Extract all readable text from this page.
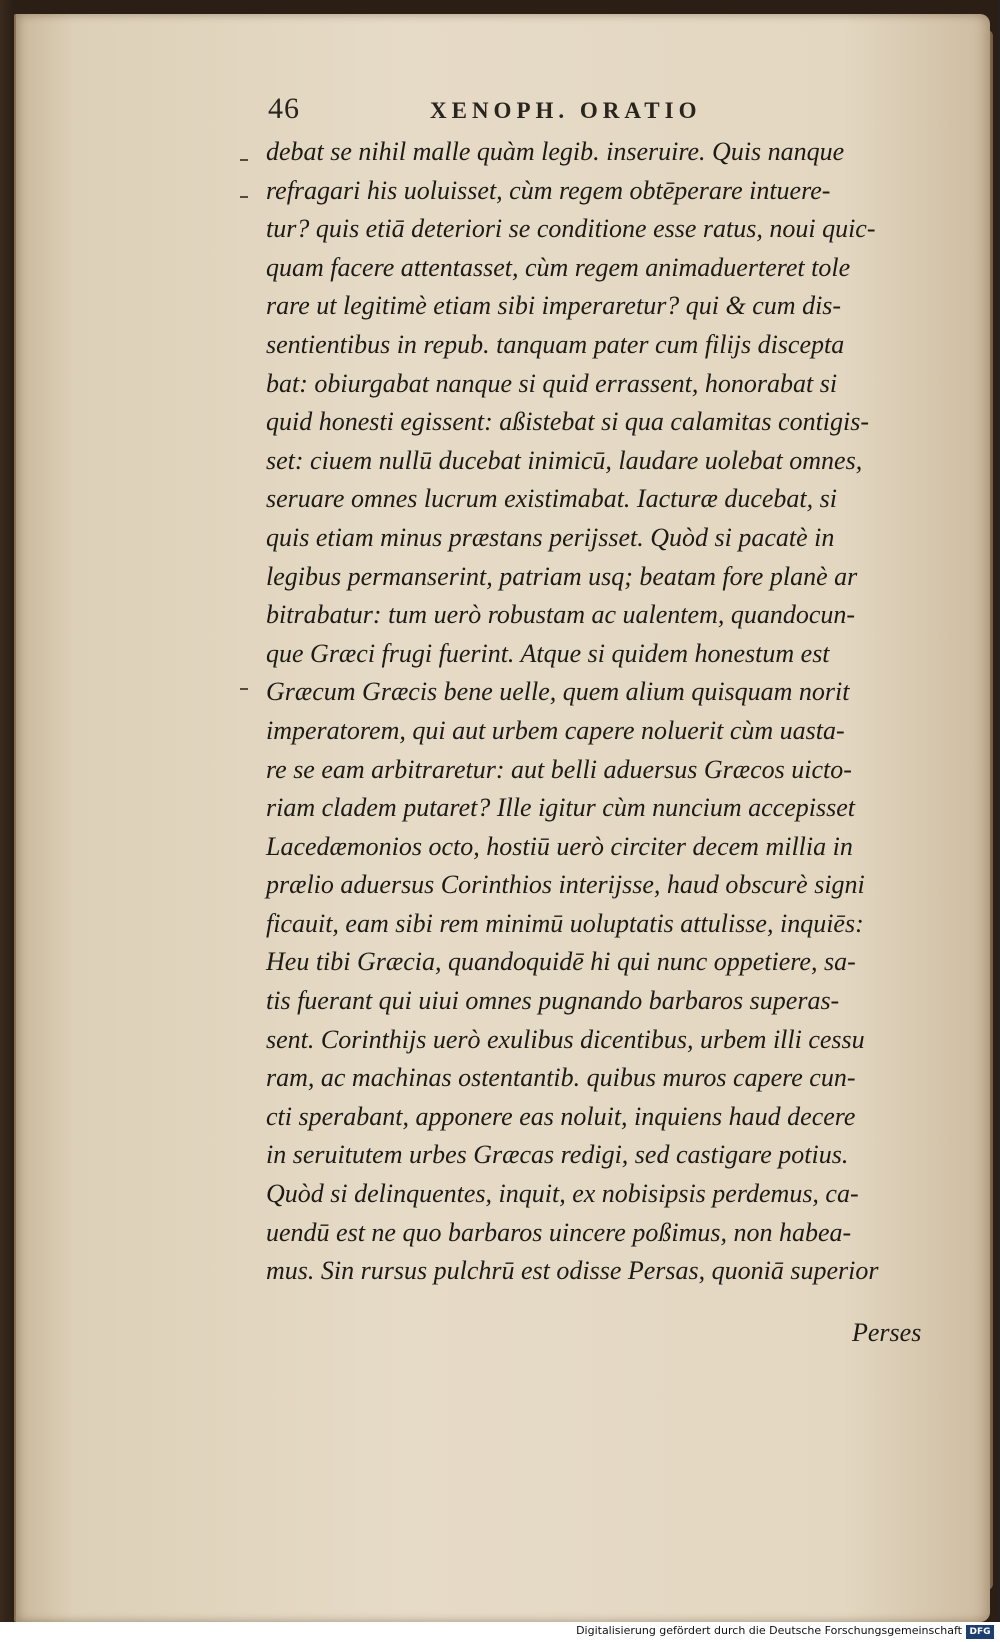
46	XENOPH. ORATIO
debat se nihil malle quàm legib. inseruire. Quis nanque
refragari his uoluisset, cùm regem obtēperare intuere-
tur? quis etiā deteriori se conditione esse ratus, noui quic-
quam facere attentasset, cùm regem animaduerteret tole
rare ut legitimè etiam sibi imperaretur? qui & cum dis-
sentientibus in repub. tanquam pater cum filijs discepta
bat: obiurgabat nanque si quid errassent, honorabat si
quid honesti egissent: aßistebat si qua calamitas contigis-
set: ciuem nullū ducebat inimicū, laudare uolebat omnes,
seruare omnes lucrum existimabat. Iacturæ ducebat, si
quis etiam minus præstans perijsset. Quòd si pacatè in
legibus permanserint, patriam usq; beatam fore planè ar
bitrabatur: tum uerò robustam ac ualentem, quandocun-
que Græci frugi fuerint. Atque si quidem honestum est
Græcum Græcis bene uelle, quem alium quisquam norit
imperatorem, qui aut urbem capere noluerit cùm uasta-
re se eam arbitraretur: aut belli aduersus Græcos uicto-
riam cladem putaret? Ille igitur cùm nuncium accepisset
Lacedæmonios octo, hostiū uerò circiter decem millia in
prælio aduersus Corinthios interijsse, haud obscurè signi
ficauit, eam sibi rem minimū uoluptatis attulisse, inquiēs:
Heu tibi Græcia, quandoquidē hi qui nunc oppetiere, sa-
tis fuerant qui uiui omnes pugnando barbaros superas-
sent. Corinthijs uerò exulibus dicentibus, urbem illi cessu
ram, ac machinas ostentantib. quibus muros capere cun-
cti sperabant, apponere eas noluit, inquiens haud decere
in seruitutem urbes Græcas redigi, sed castigare potius.
Quòd si delinquentes, inquit, ex nobisipsis perdemus, ca-
uendū est ne quo barbaros uincere poßimus, non habea-
mus. Sin rursus pulchrū est odisse Persas, quoniā superior
Perses
Digitalisierung gefördert durch die Deutsche Forschungsgemeinschaft DFG
